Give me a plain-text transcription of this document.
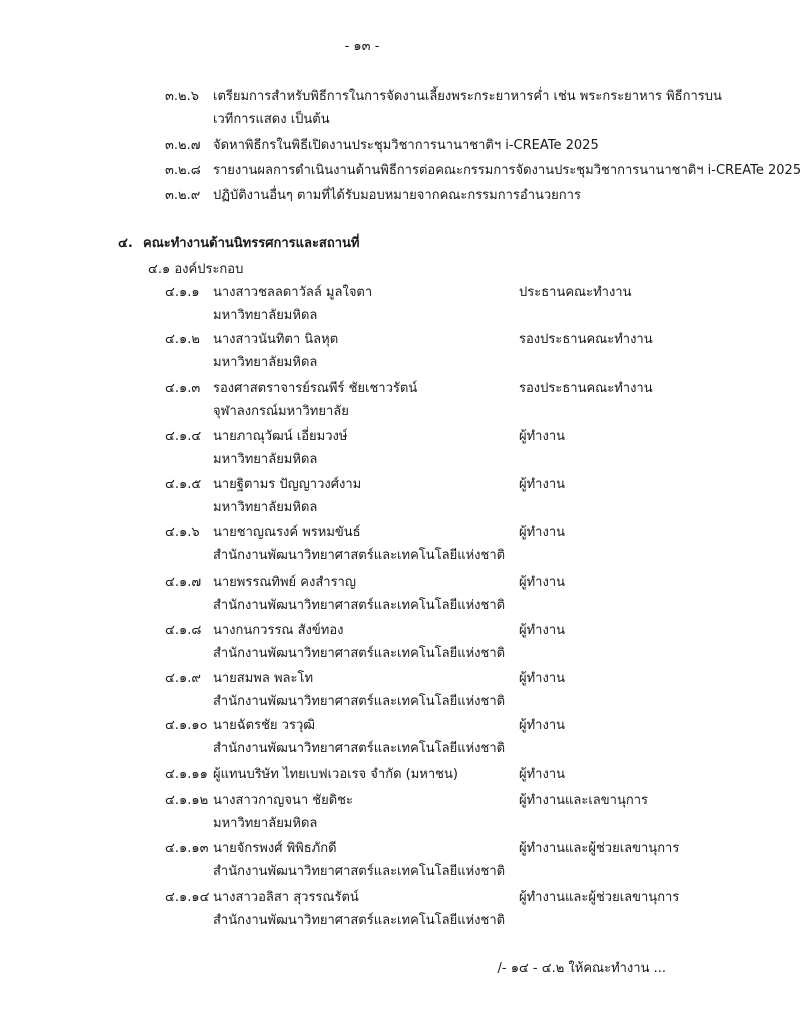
- ๑๓ -
๓.๒.๖ เตรียมการสำหรับพิธีการในการจัดงานเลี้ยงพระกระยาหารค่ำ เช่น พระกระยาหาร พิธีการบน
เวทีการแสดง เป็นต้น
๓.๒.๗ จัดหาพิธีกรในพิธีเปิดงานประชุมวิชาการนานาชาติฯ i-CREATe 2025
๓.๒.๘ รายงานผลการดำเนินงานด้านพิธีการต่อคณะกรรมการจัดงานประชุมวิชาการนานาชาติฯ i-CREATe 2025
๓.๒.๙ ปฏิบัติงานอื่นๆ ตามที่ได้รับมอบหมายจากคณะกรรมการอำนวยการ
๔. คณะทำงานด้านนิทรรศการและสถานที่
๔.๑ องค์ประกอบ
๔.๑.๑ นางสาวชลลดาวัลล์ มูลใจตา	ประธานคณะทำงาน
มหาวิทยาลัยมหิดล
๔.๑.๒ นางสาวนันทิตา นิลหุต	รองประธานคณะทำงาน
มหาวิทยาลัยมหิดล
๔.๑.๓ รองศาสตราจารย์รณพีร์ ชัยเชาวรัตน์	รองประธานคณะทำงาน
จุฬาลงกรณ์มหาวิทยาลัย
๔.๑.๔ นายภาณุวัฒน์ เอี่ยมวงษ์	ผู้ทำงาน
มหาวิทยาลัยมหิดล
๔.๑.๕ นายฐิตามร ปัญญาวงศ์งาม	ผู้ทำงาน
มหาวิทยาลัยมหิดล
๔.๑.๖ นายชาญณรงค์ พรหมขันธ์	ผู้ทำงาน
สำนักงานพัฒนาวิทยาศาสตร์และเทคโนโลยีแห่งชาติ
๔.๑.๗ นายพรรณทิพย์ คงสำราญ	ผู้ทำงาน
สำนักงานพัฒนาวิทยาศาสตร์และเทคโนโลยีแห่งชาติ
๔.๑.๘ นางกนกวรรณ สังข์ทอง	ผู้ทำงาน
สำนักงานพัฒนาวิทยาศาสตร์และเทคโนโลยีแห่งชาติ
๔.๑.๙ นายสมพล พละโท	ผู้ทำงาน
สำนักงานพัฒนาวิทยาศาสตร์และเทคโนโลยีแห่งชาติ
๔.๑.๑๐ นายฉัตรชัย วรวุฒิ	ผู้ทำงาน
สำนักงานพัฒนาวิทยาศาสตร์และเทคโนโลยีแห่งชาติ
๔.๑.๑๑ ผู้แทนบริษัท ไทยเบฟเวอเรจ จำกัด (มหาชน)	ผู้ทำงาน
๔.๑.๑๒ นางสาวกาญจนา ชัยดิชะ	ผู้ทำงานและเลขานุการ
มหาวิทยาลัยมหิดล
๔.๑.๑๓ นายจักรพงศ์ พิพิธภักดี	ผู้ทำงานและผู้ช่วยเลขานุการ
สำนักงานพัฒนาวิทยาศาสตร์และเทคโนโลยีแห่งชาติ
๔.๑.๑๔ นางสาวอลิสา สุวรรณรัตน์	ผู้ทำงานและผู้ช่วยเลขานุการ
สำนักงานพัฒนาวิทยาศาสตร์และเทคโนโลยีแห่งชาติ
/- ๑๔ - ๔.๒ ให้คณะทำงาน ...
